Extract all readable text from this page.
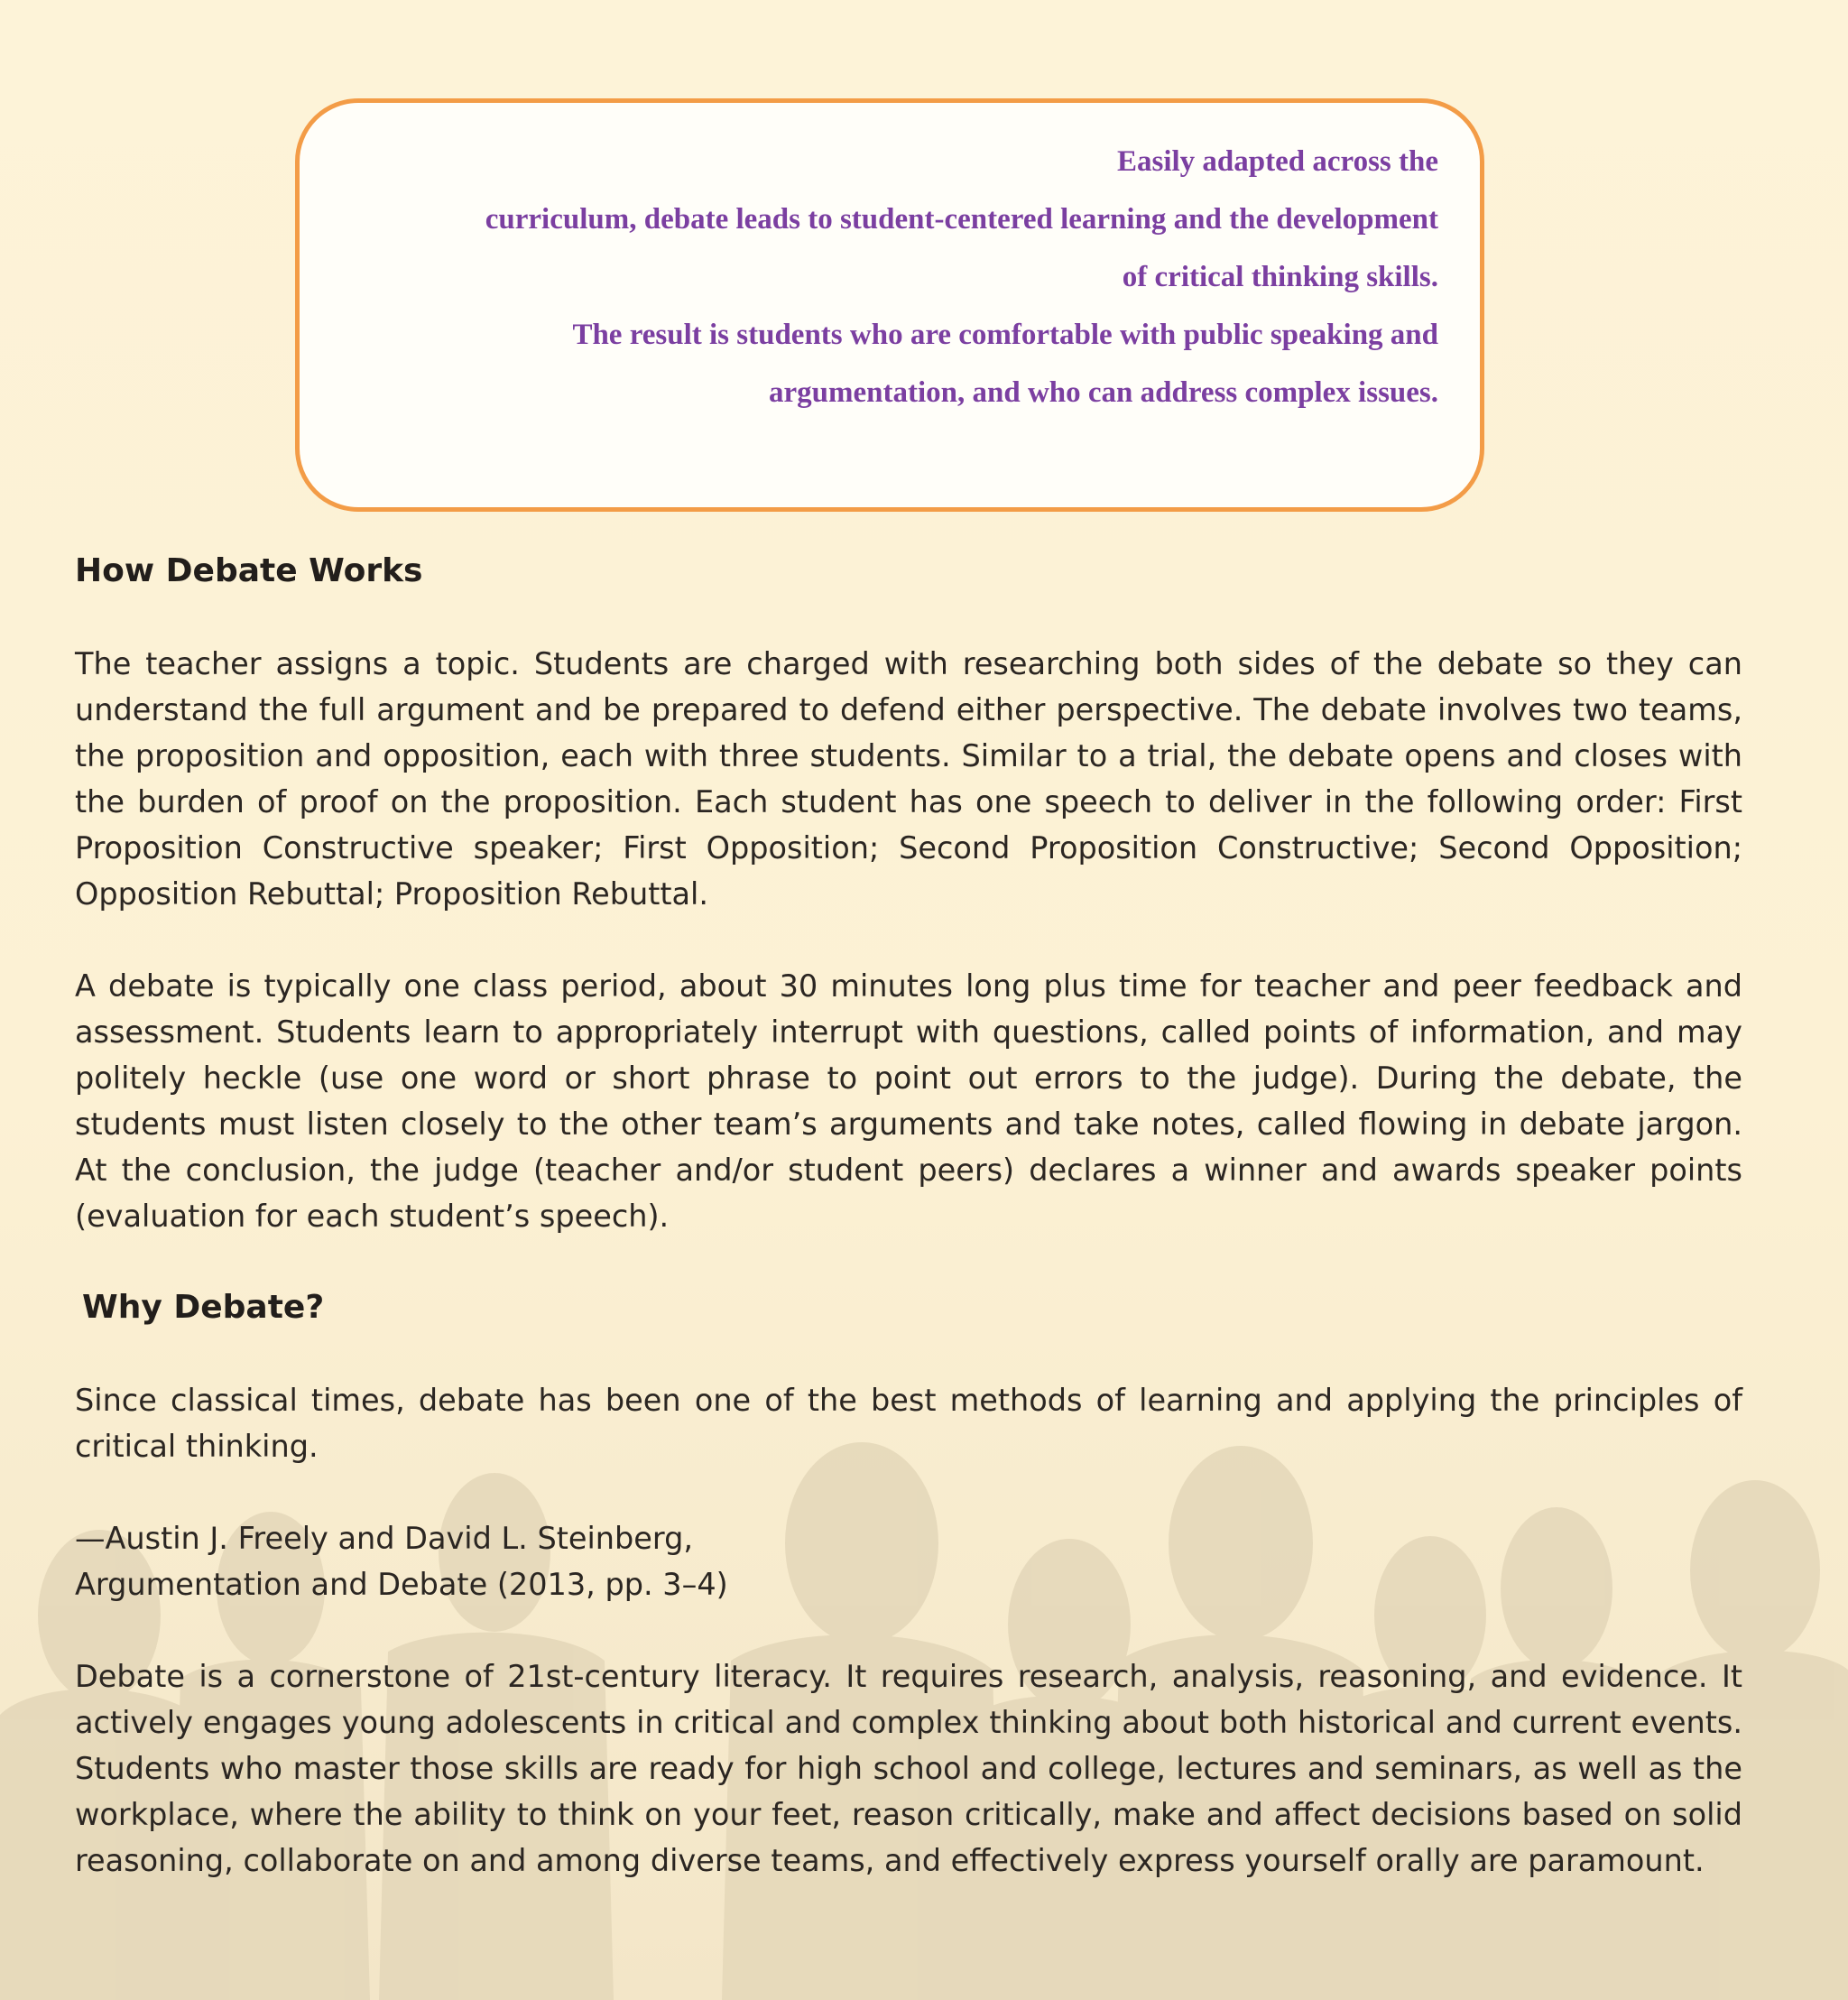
Easily adapted across the
curriculum, debate leads to student-centered learning and the development
of critical thinking skills.
The result is students who are comfortable with public speaking and
argumentation, and who can address complex issues.

How Debate Works

The teacher assigns a topic. Students are charged with researching both sides of the debate so they can understand the full argument and be prepared to defend either perspective. The debate involves two teams, the proposition and opposition, each with three students. Similar to a trial, the debate opens and closes with the burden of proof on the proposition. Each student has one speech to deliver in the following order: First Proposition Constructive speaker; First Opposition; Second Proposition Constructive; Second Opposition; Opposition Rebuttal; Proposition Rebuttal.

A debate is typically one class period, about 30 minutes long plus time for teacher and peer feedback and assessment. Students learn to appropriately interrupt with questions, called points of information, and may politely heckle (use one word or short phrase to point out errors to the judge). During the debate, the students must listen closely to the other team’s arguments and take notes, called flowing in debate jargon. At the conclusion, the judge (teacher and/or student peers) declares a winner and awards speaker points (evaluation for each student’s speech).

Why Debate?

Since classical times, debate has been one of the best methods of learning and applying the principles of critical thinking.

—Austin J. Freely and David L. Steinberg,
Argumentation and Debate (2013, pp. 3–4)

Debate is a cornerstone of 21st-century literacy. It requires research, analysis, reasoning, and evidence. It actively engages young adolescents in critical and complex thinking about both historical and current events. Students who master those skills are ready for high school and college, lectures and seminars, as well as the workplace, where the ability to think on your feet, reason critically, make and affect decisions based on solid reasoning, collaborate on and among diverse teams, and effectively express yourself orally are paramount.
